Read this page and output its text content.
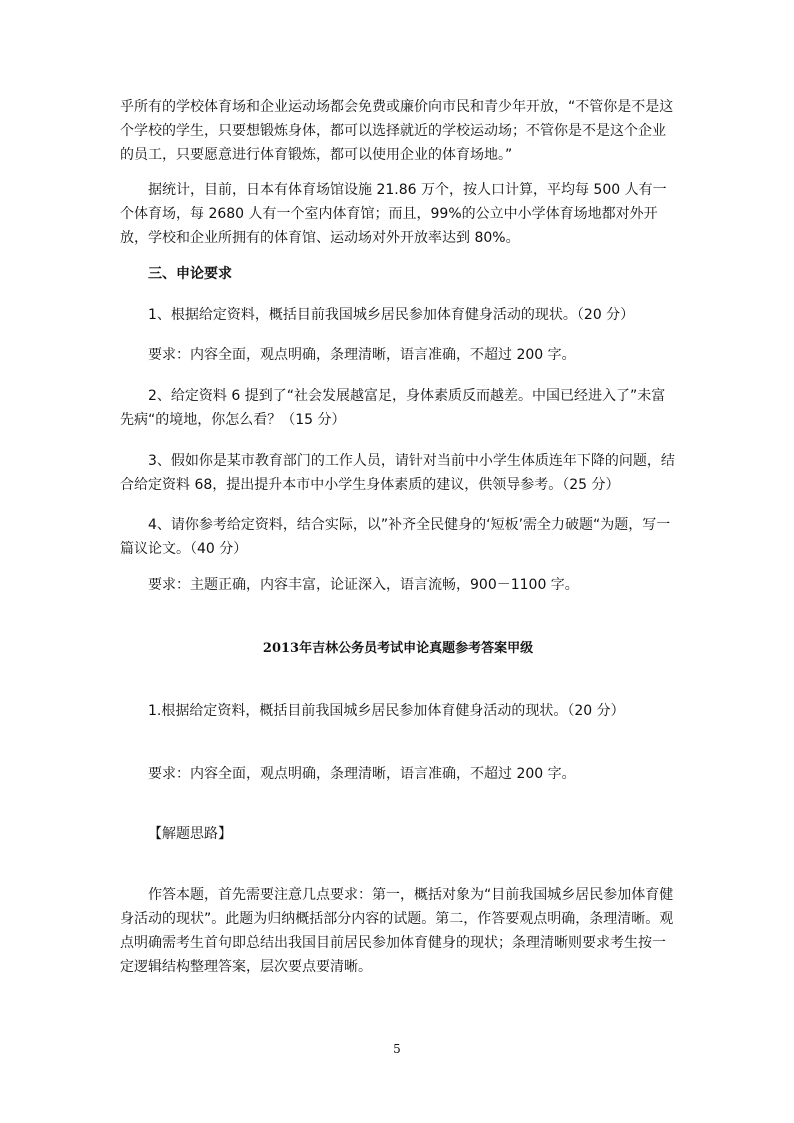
乎所有的学校体育场和企业运动场都会免费或廉价向市民和青少年开放，“不管你是不是这个学校的学生，只要想锻炼身体，都可以选择就近的学校运动场；不管你是不是这个企业的员工，只要愿意进行体育锻炼，都可以使用企业的体育场地。”

据统计，目前，日本有体育场馆设施 21.86 万个，按人口计算，平均每 500 人有一个体育场，每 2680 人有一个室内体育馆；而且，99%的公立中小学体育场地都对外开放，学校和企业所拥有的体育馆、运动场对外开放率达到 80%。

三、申论要求

1、根据给定资料，概括目前我国城乡居民参加体育健身活动的现状。（20 分）

要求：内容全面，观点明确，条理清晰，语言准确，不超过 200 字。

2、给定资料 6 提到了“社会发展越富足，身体素质反而越差。中国已经进入了”未富先病“的境地，你怎么看？（15 分）

3、假如你是某市教育部门的工作人员，请针对当前中小学生体质连年下降的问题，结合给定资料 68，提出提升本市中小学生身体素质的建议，供领导参考。（25 分）

4、请你参考给定资料，结合实际，以”补齐全民健身的‘短板’需全力破题“为题，写一篇议论文。（40 分）

要求：主题正确，内容丰富，论证深入，语言流畅，900－1100 字。

2013年吉林公务员考试申论真题参考答案甲级

1.根据给定资料，概括目前我国城乡居民参加体育健身活动的现状。（20 分）

要求：内容全面，观点明确，条理清晰，语言准确，不超过 200 字。

【解题思路】

作答本题，首先需要注意几点要求：第一，概括对象为“目前我国城乡居民参加体育健身活动的现状”。此题为归纳概括部分内容的试题。第二，作答要观点明确，条理清晰。观点明确需考生首句即总结出我国目前居民参加体育健身的现状；条理清晰则要求考生按一定逻辑结构整理答案，层次要点要清晰。

5
